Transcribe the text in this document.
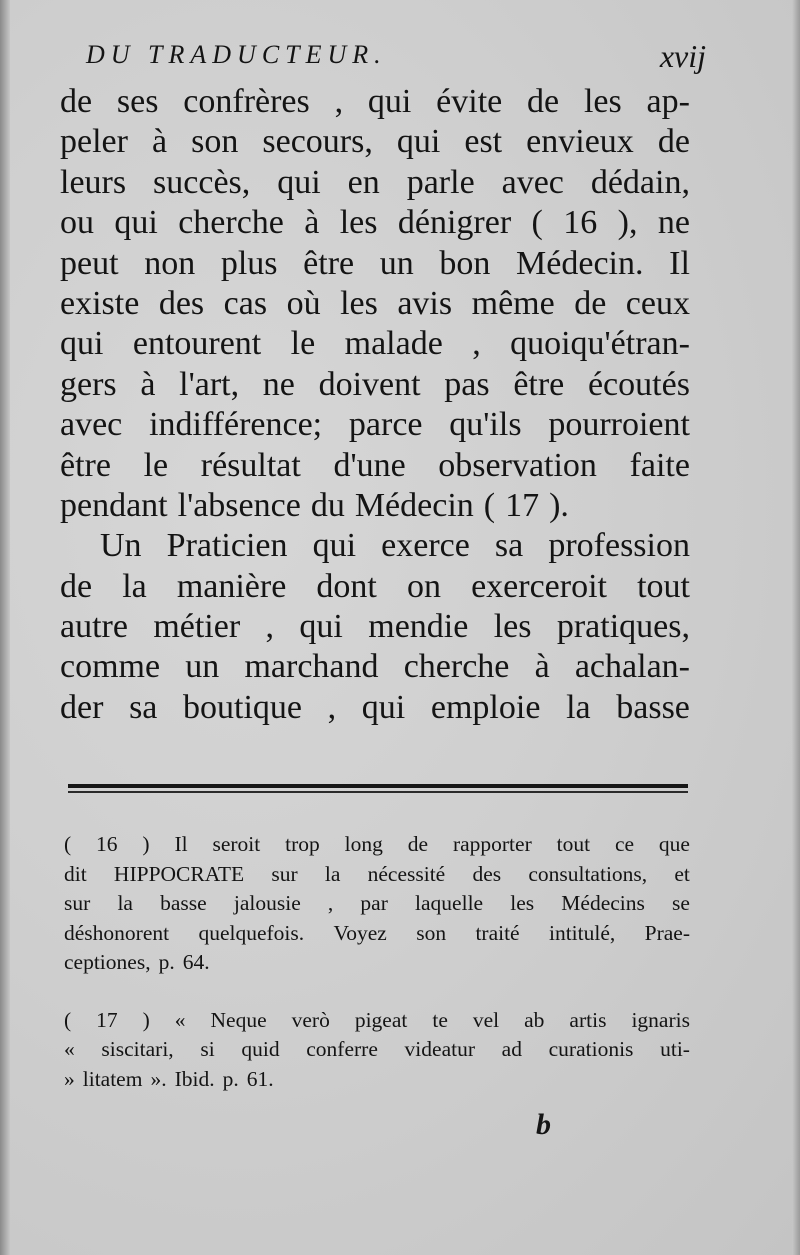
DU TRADUCTEUR.	xvij
de ses confrères , qui évite de les ap-
peler à son secours, qui est envieux de
leurs succès, qui en parle avec dédain,
ou qui cherche à les dénigrer ( 16 ), ne
peut non plus être un bon Médecin. Il
existe des cas où les avis même de ceux
qui entourent le malade , quoiqu'étran-
gers à l'art, ne doivent pas être écoutés
avec indifférence; parce qu'ils pourroient
être le résultat d'une observation faite
pendant l'absence du Médecin ( 17 ).
Un Praticien qui exerce sa profession
de la manière dont on exerceroit tout
autre métier , qui mendie les pratiques,
comme un marchand cherche à achalan-
der sa boutique , qui emploie la basse
( 16 ) Il seroit trop long de rapporter tout ce que
dit HIPPOCRATE sur la nécessité des consultations, et
sur la basse jalousie , par laquelle les Médecins se
déshonorent quelquefois. Voyez son traité intitulé, Prae-
ceptiones, p. 64.
( 17 ) « Neque verò pigeat te vel ab artis ignaris
« siscitari, si quid conferre videatur ad curationis uti-
» litatem ». Ibid. p. 61.
b
